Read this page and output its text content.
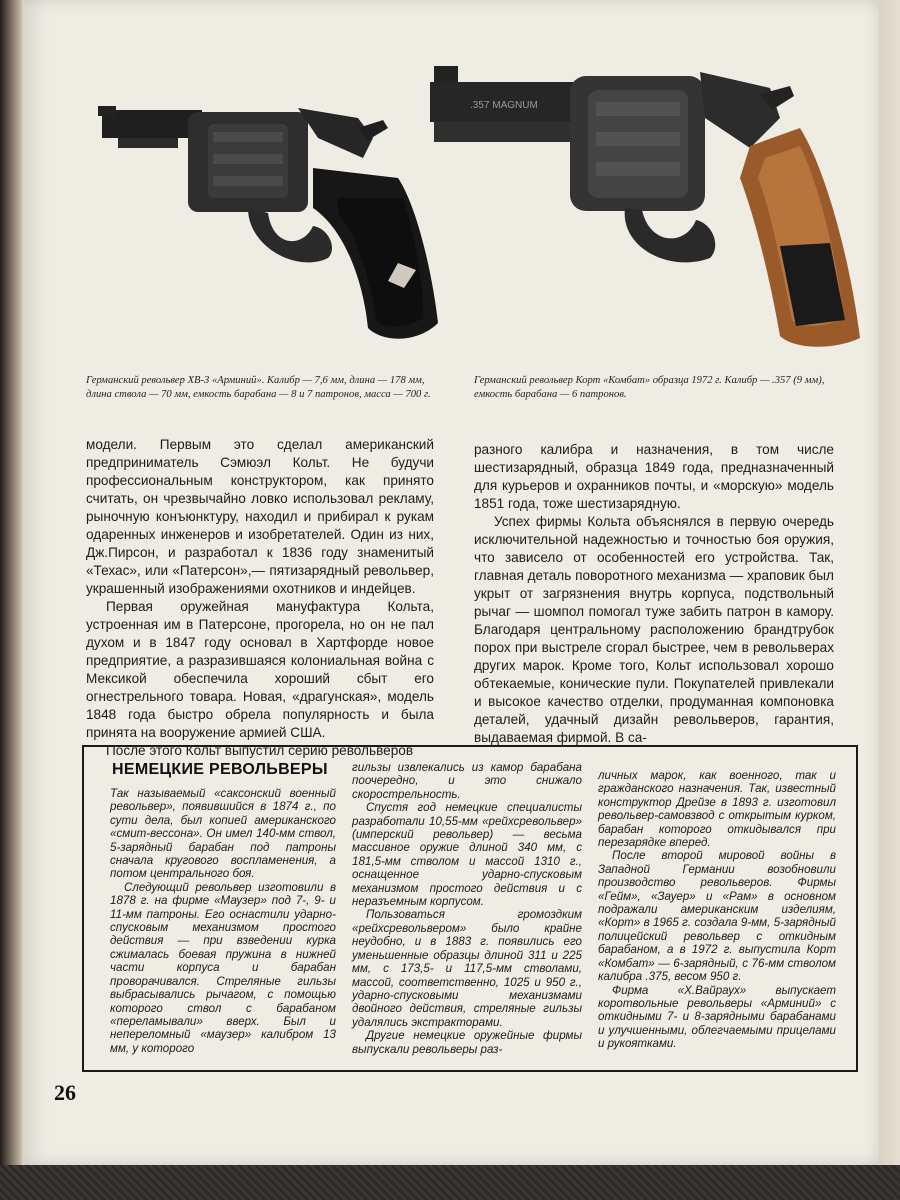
.357 MAGNUM

Германский револьвер ХВ-3 «Арминий». Калибр — 7,6 мм, длина — 178 мм, длина ствола — 70 мм, емкость барабана — 8 и 7 патронов, масса — 700 г.

Германский револьвер Корт «Комбат» образца 1972 г. Калибр — .357 (9 мм), емкость барабана — 6 патронов.

модели. Первым это сделал американский предприниматель Сэмюэл Кольт. Не будучи профессиональным конструктором, как принято считать, он чрезвычайно ловко использовал рекламу, рыночную конъюнктуру, находил и прибирал к рукам одаренных инженеров и изобретателей. Один из них, Дж.Пирсон, и разработал к 1836 году знаменитый «Техас», или «Патерсон»,— пятизарядный револьвер, украшенный изображениями охотников и индейцев.

Первая оружейная мануфактура Кольта, устроенная им в Патерсоне, прогорела, но он не пал духом и в 1847 году основал в Хартфорде новое предприятие, а разразившаяся колониальная война с Мексикой обеспечила хороший сбыт его огнестрельного товара. Новая, «драгунская», модель 1848 года быстро обрела популярность и была принята на вооружение армией США.

После этого Кольт выпустил серию револьверов

разного калибра и назначения, в том числе шестизарядный, образца 1849 года, предназначенный для курьеров и охранников почты, и «морскую» модель 1851 года, тоже шестизарядную.

Успех фирмы Кольта объяснялся в первую очередь исключительной надежностью и точностью боя оружия, что зависело от особенностей его устройства. Так, главная деталь поворотного механизма — храповик был укрыт от загрязнения внутрь корпуса, подствольный рычаг — шомпол помогал туже забить патрон в камору. Благодаря центральному расположению брандтрубок порох при выстреле сгорал быстрее, чем в револьверах других марок. Кроме того, Кольт использовал хорошо обтекаемые, конические пули. Покупателей привлекали и высокое качество отделки, продуманная компоновка деталей, удачный дизайн револьверов, гарантия, выдаваемая фирмой. В са-

НЕМЕЦКИЕ РЕВОЛЬВЕРЫ

Так называемый «саксонский военный револьвер», появившийся в 1874 г., по сути дела, был копией американского «смит-вессона». Он имел 140-мм ствол, 5-зарядный барабан под патроны сначала кругового воспламенения, а потом центрального боя.

Следующий револьвер изготовили в 1878 г. на фирме «Маузер» под 7-, 9- и 11-мм патроны. Его оснастили ударно-спусковым механизмом простого действия — при взведении курка сжималась боевая пружина в нижней части корпуса и барабан проворачивался. Стреляные гильзы выбрасывались рычагом, с помощью которого ствол с барабаном «переламывали» вверх. Был и непереломный «маузер» калибром 13 мм, у которого

гильзы извлекались из камор барабана поочередно, и это снижало скорострельность.

Спустя год немецкие специалисты разработали 10,55-мм «рейхсревольвер» (имперский револьвер) — весьма массивное оружие длиной 340 мм, с 181,5-мм стволом и массой 1310 г., оснащенное ударно-спусковым механизмом простого действия и с неразъемным корпусом.

Пользоваться громоздким «рейхсревольвером» было крайне неудобно, и в 1883 г. появились его уменьшенные образцы длиной 311 и 225 мм, с 173,5- и 117,5-мм стволами, массой, соответственно, 1025 и 950 г., ударно-спусковыми механизмами двойного действия, стреляные гильзы удалялись экстракторами.

Другие немецкие оружейные фирмы выпускали револьверы раз-

личных марок, как военного, так и гражданского назначения. Так, известный конструктор Дрейзе в 1893 г. изготовил револьвер-самовзвод с открытым курком, барабан которого откидывался при перезарядке вперед.

После второй мировой войны в Западной Германии возобновили производство револьверов. Фирмы «Гейм», «Зауер» и «Рам» в основном подражали американским изделиям, «Корт» в 1965 г. создала 9-мм, 5-зарядный полицейский револьвер с откидным барабаном, а в 1972 г. выпустила Корт «Комбат» — 6-зарядный, с 76-мм стволом калибра .375, весом 950 г.

Фирма «Х.Вайраух» выпускает коротвольные револьверы «Арминий» с откидными 7- и 8-зарядными барабанами и улучшенными, облегчаемыми прицелами и рукоятками.

26
